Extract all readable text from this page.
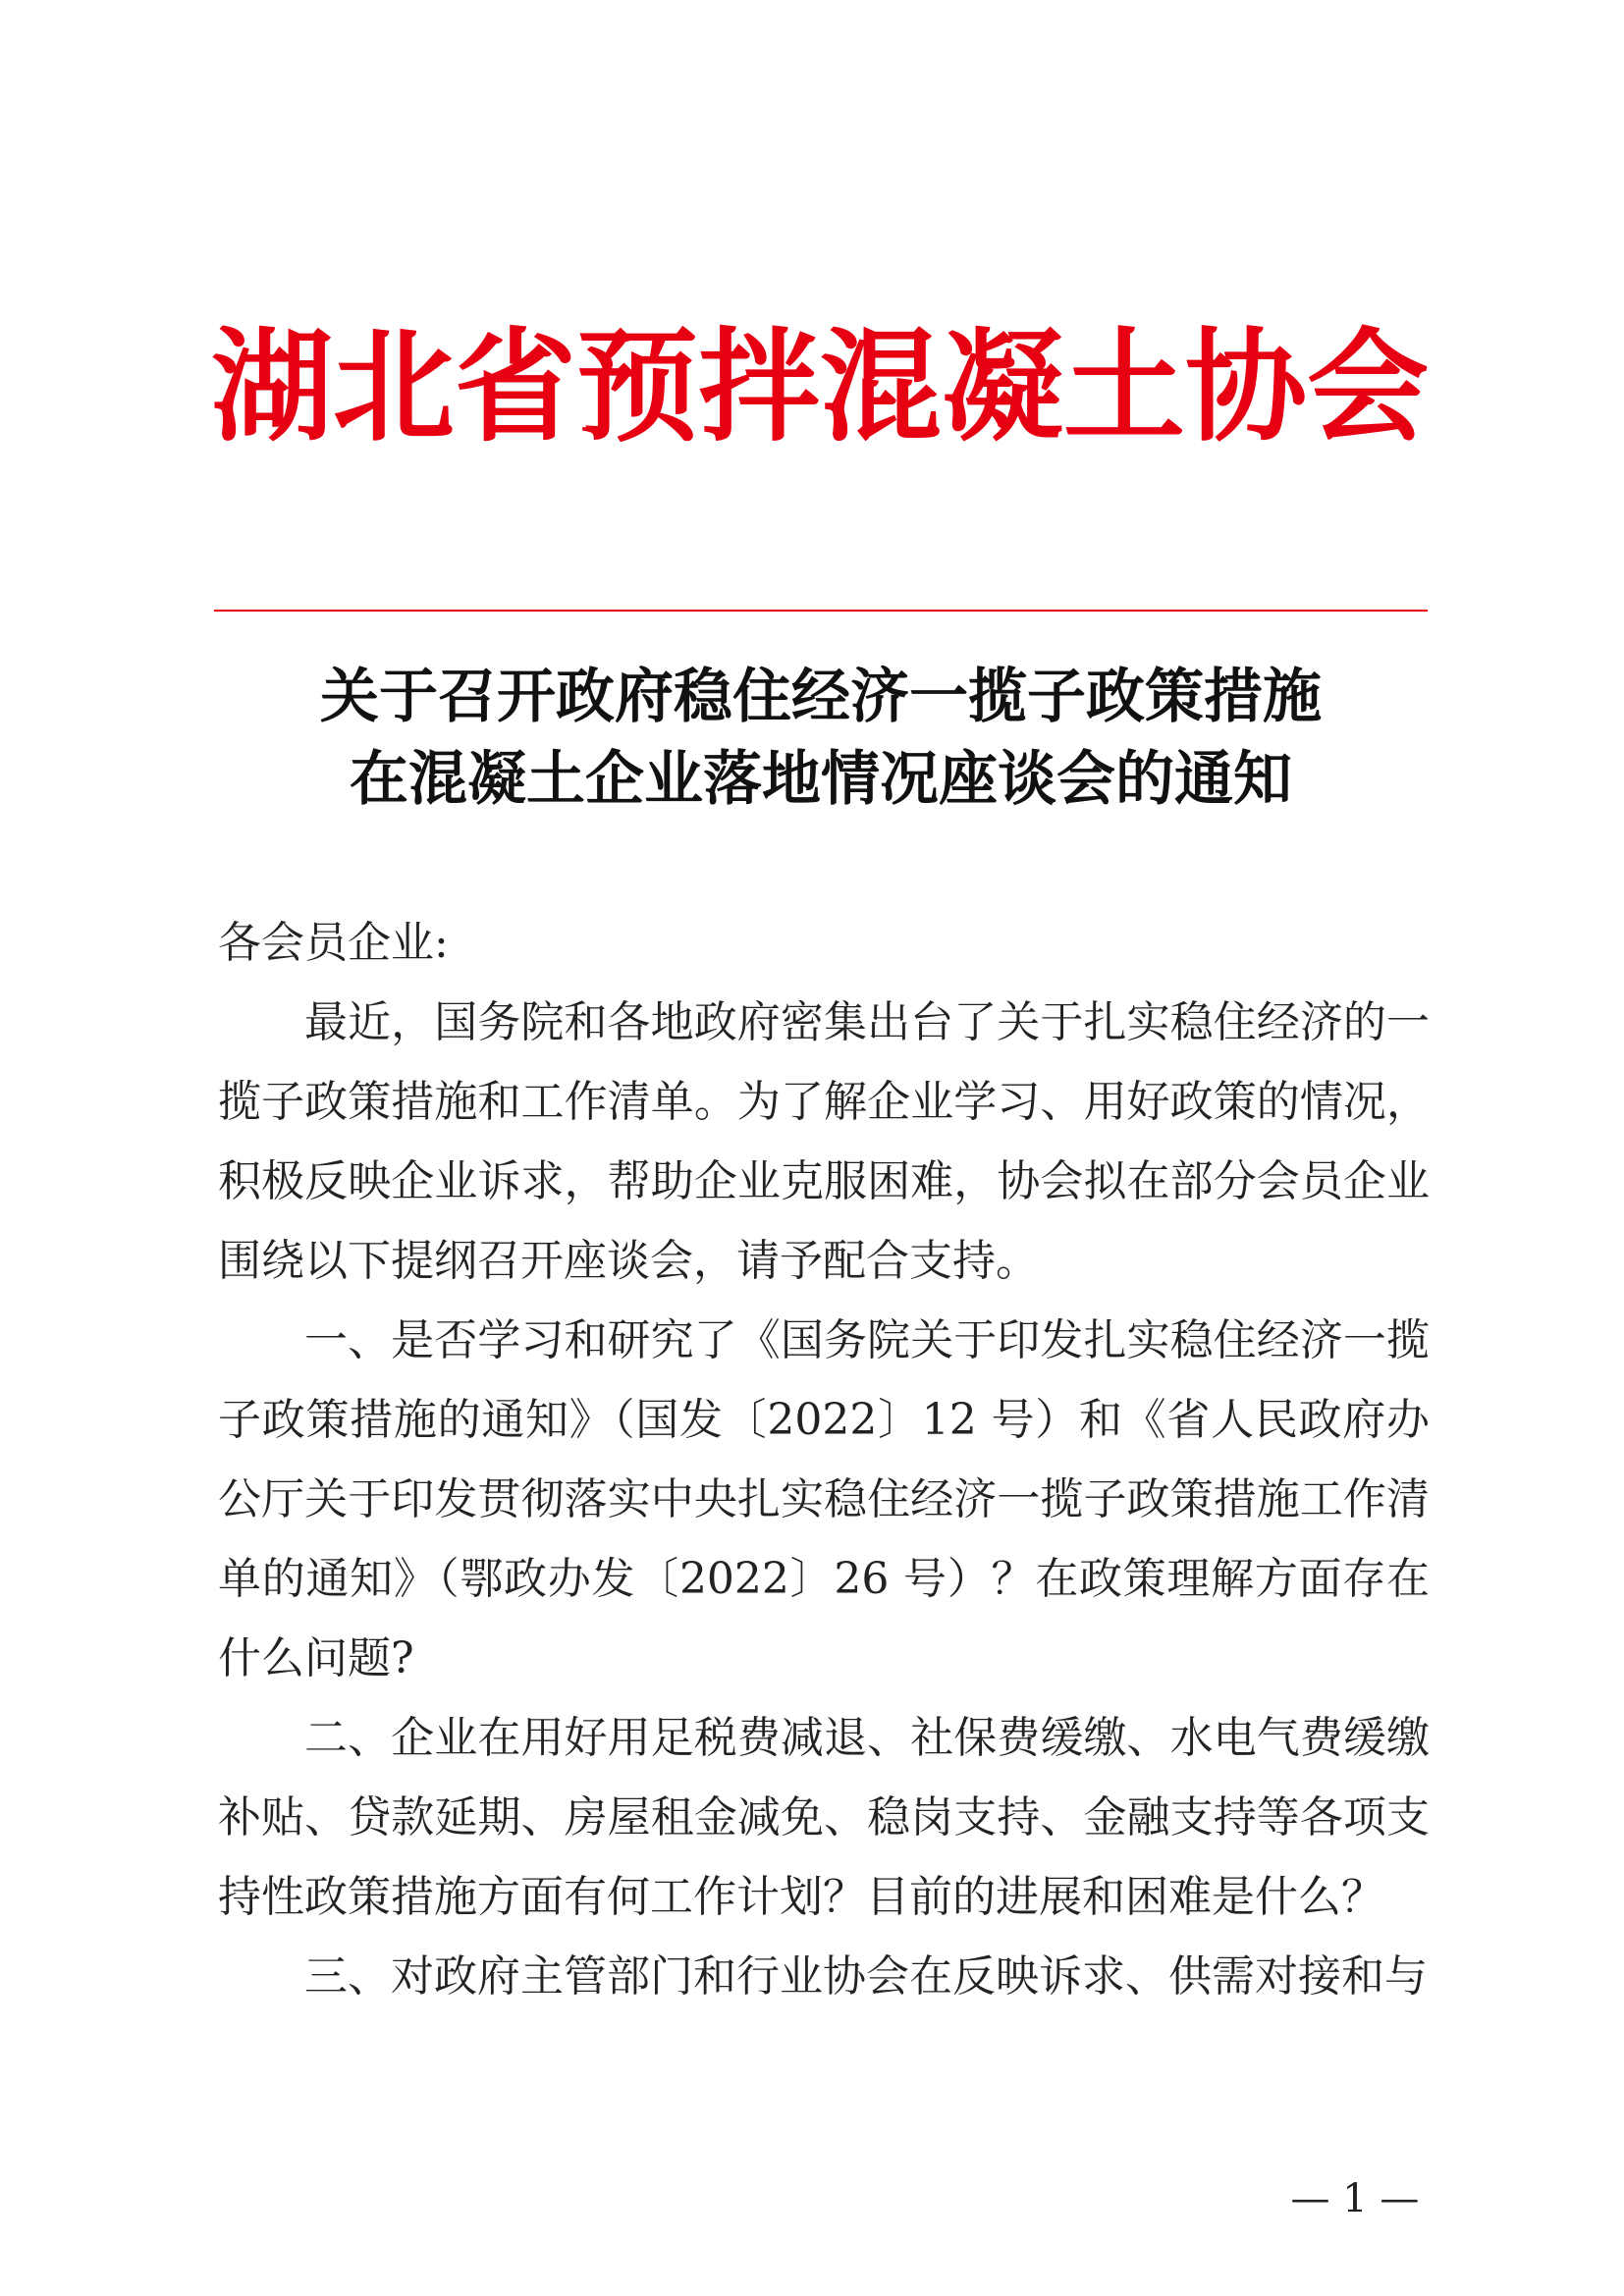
湖北省预拌混凝土协会
关于召开政府稳住经济一揽子政策措施
在混凝土企业落地情况座谈会的通知

各会员企业:

最近，国务院和各地政府密集出台了关于扎实稳住经济的一揽子政策措施和工作清单。为了解企业学习、用好政策的情况，积极反映企业诉求，帮助企业克服困难，协会拟在部分会员企业围绕以下提纲召开座谈会，请予配合支持。

一、是否学习和研究了《国务院关于印发扎实稳住经济一揽子政策措施的通知》（国发〔2022〕12 号）和《省人民政府办公厅关于印发贯彻落实中央扎实稳住经济一揽子政策措施工作清单的通知》（鄂政办发〔2022〕26 号）？在政策理解方面存在什么问题?

二、企业在用好用足税费减退、社保费缓缴、水电气费缓缴补贴、贷款延期、房屋租金减免、稳岗支持、金融支持等各项支持性政策措施方面有何工作计划？目前的进展和困难是什么？

三、对政府主管部门和行业协会在反映诉求、供需对接和与

— 1 —
